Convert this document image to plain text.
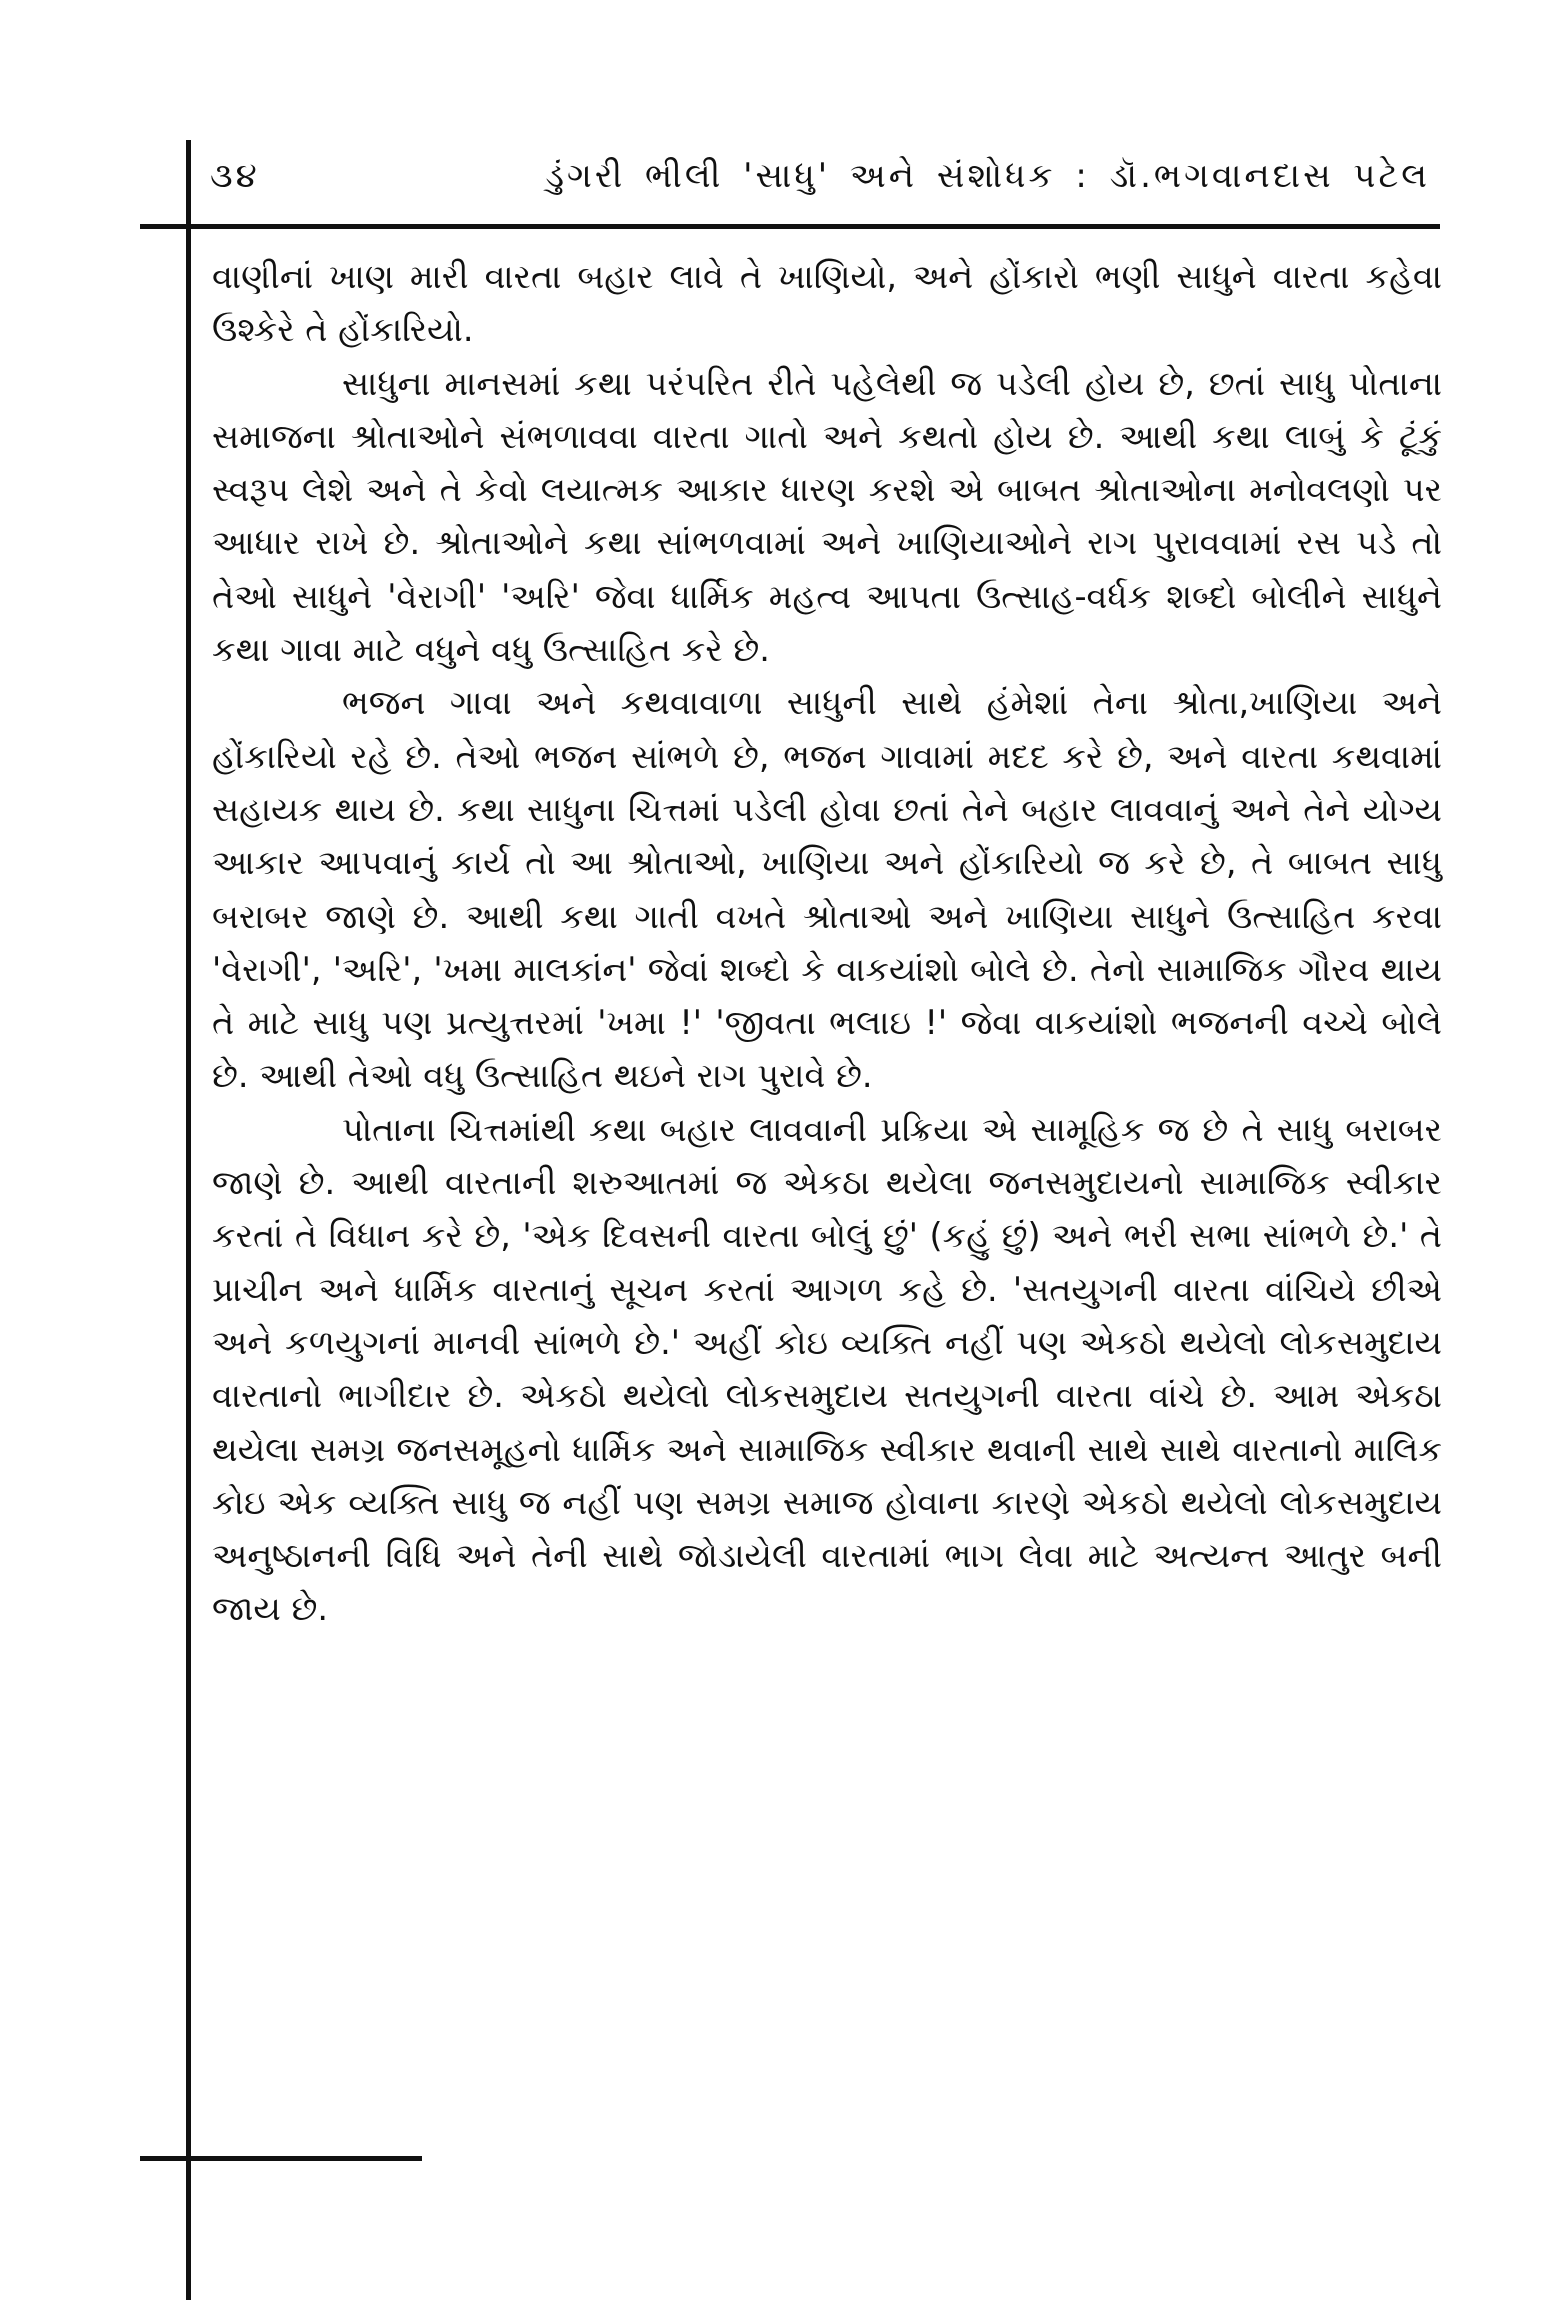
૩૪	ડુંગરી ભીલી 'સાધુ' અને સંશોધક : ડૉ.ભગવાનદાસ પટેલ

વાણીનાં ખાણ મારી વારતા બહાર લાવે તે ખાણિયો, અને હોંકારો ભણી સાધુને વારતા કહેવા ઉશ્કેરે તે હોંકારિયો.

સાધુના માનસમાં કથા પરંપરિત રીતે પહેલેથી જ પડેલી હોય છે, છતાં સાધુ પોતાના સમાજના શ્રોતાઓને સંભળાવવા વારતા ગાતો અને કથતો હોય છે. આથી કથા લાબું કે ટૂંકું સ્વરૂપ લેશે અને તે કેવો લયાત્મક આકાર ધારણ કરશે એ બાબત શ્રોતાઓના મનોવલણો પર આધાર રાખે છે. શ્રોતાઓને કથા સાંભળવામાં અને ખાણિયાઓને રાગ પુરાવવામાં રસ પડે તો તેઓ સાધુને 'વેરાગી' 'અરિ' જેવા ધાર્મિક મહત્વ આપતા ઉત્સાહ-વર્ધક શબ્દો બોલીને સાધુને કથા ગાવા માટે વધુને વધુ ઉત્સાહિત કરે છે.

ભજન ગાવા અને કથવાવાળા સાધુની સાથે હંમેશાં તેના શ્રોતા,ખાણિયા અને હોંકારિયો રહે છે. તેઓ ભજન સાંભળે છે, ભજન ગાવામાં મદદ કરે છે, અને વારતા કથવામાં સહાયક થાય છે. કથા સાધુના ચિત્તમાં પડેલી હોવા છતાં તેને બહાર લાવવાનું અને તેને યોગ્ય આકાર આપવાનું કાર્ય તો આ શ્રોતાઓ, ખાણિયા અને હોંકારિયો જ કરે છે, તે બાબત સાધુ બરાબર જાણે છે. આથી કથા ગાતી વખતે શ્રોતાઓ અને ખાણિયા સાધુને ઉત્સાહિત કરવા 'વેરાગી', 'અરિ', 'ખમા માલકાંન' જેવાં શબ્દો કે વાકયાંશો બોલે છે. તેનો સામાજિક ગૌરવ થાય તે માટે સાધુ પણ પ્રત્યુત્તરમાં 'ખમા !' 'જીવતા ભલાઇ !' જેવા વાકયાંશો ભજનની વચ્ચે બોલે છે. આથી તેઓ વધુ ઉત્સાહિત થઇને રાગ પુરાવે છે.

પોતાના ચિત્તમાંથી કથા બહાર લાવવાની પ્રક્રિયા એ સામૂહિક જ છે તે સાધુ બરાબર જાણે છે. આથી વારતાની શરુઆતમાં જ એકઠા થયેલા જનસમુદાયનો સામાજિક સ્વીકાર કરતાં તે વિધાન કરે છે, 'એક દિવસની વારતા બોલું છું' (કહું છું) અને ભરી સભા સાંભળે છે.' તે પ્રાચીન અને ધાર્મિક વારતાનું સૂચન કરતાં આગળ કહે છે. 'સતયુગની વારતા વાંચિયે છીએ અને કળયુગનાં માનવી સાંભળે છે.' અહીં કોઇ વ્યક્તિ નહીં પણ એકઠો થયેલો લોકસમુદાય વારતાનો ભાગીદાર છે. એકઠો થયેલો લોકસમુદાય સતયુગની વારતા વાંચે છે. આમ એકઠા થયેલા સમગ્ર જનસમૂહનો ધાર્મિક અને સામાજિક સ્વીકાર થવાની સાથે સાથે વારતાનો માલિક કોઇ એક વ્યક્તિ સાધુ જ નહીં પણ સમગ્ર સમાજ હોવાના કારણે એકઠો થયેલો લોકસમુદાય અનુષ્ઠાનની વિધિ અને તેની સાથે જોડાયેલી વારતામાં ભાગ લેવા માટે અત્યન્ત આતુર બની જાય છે.
